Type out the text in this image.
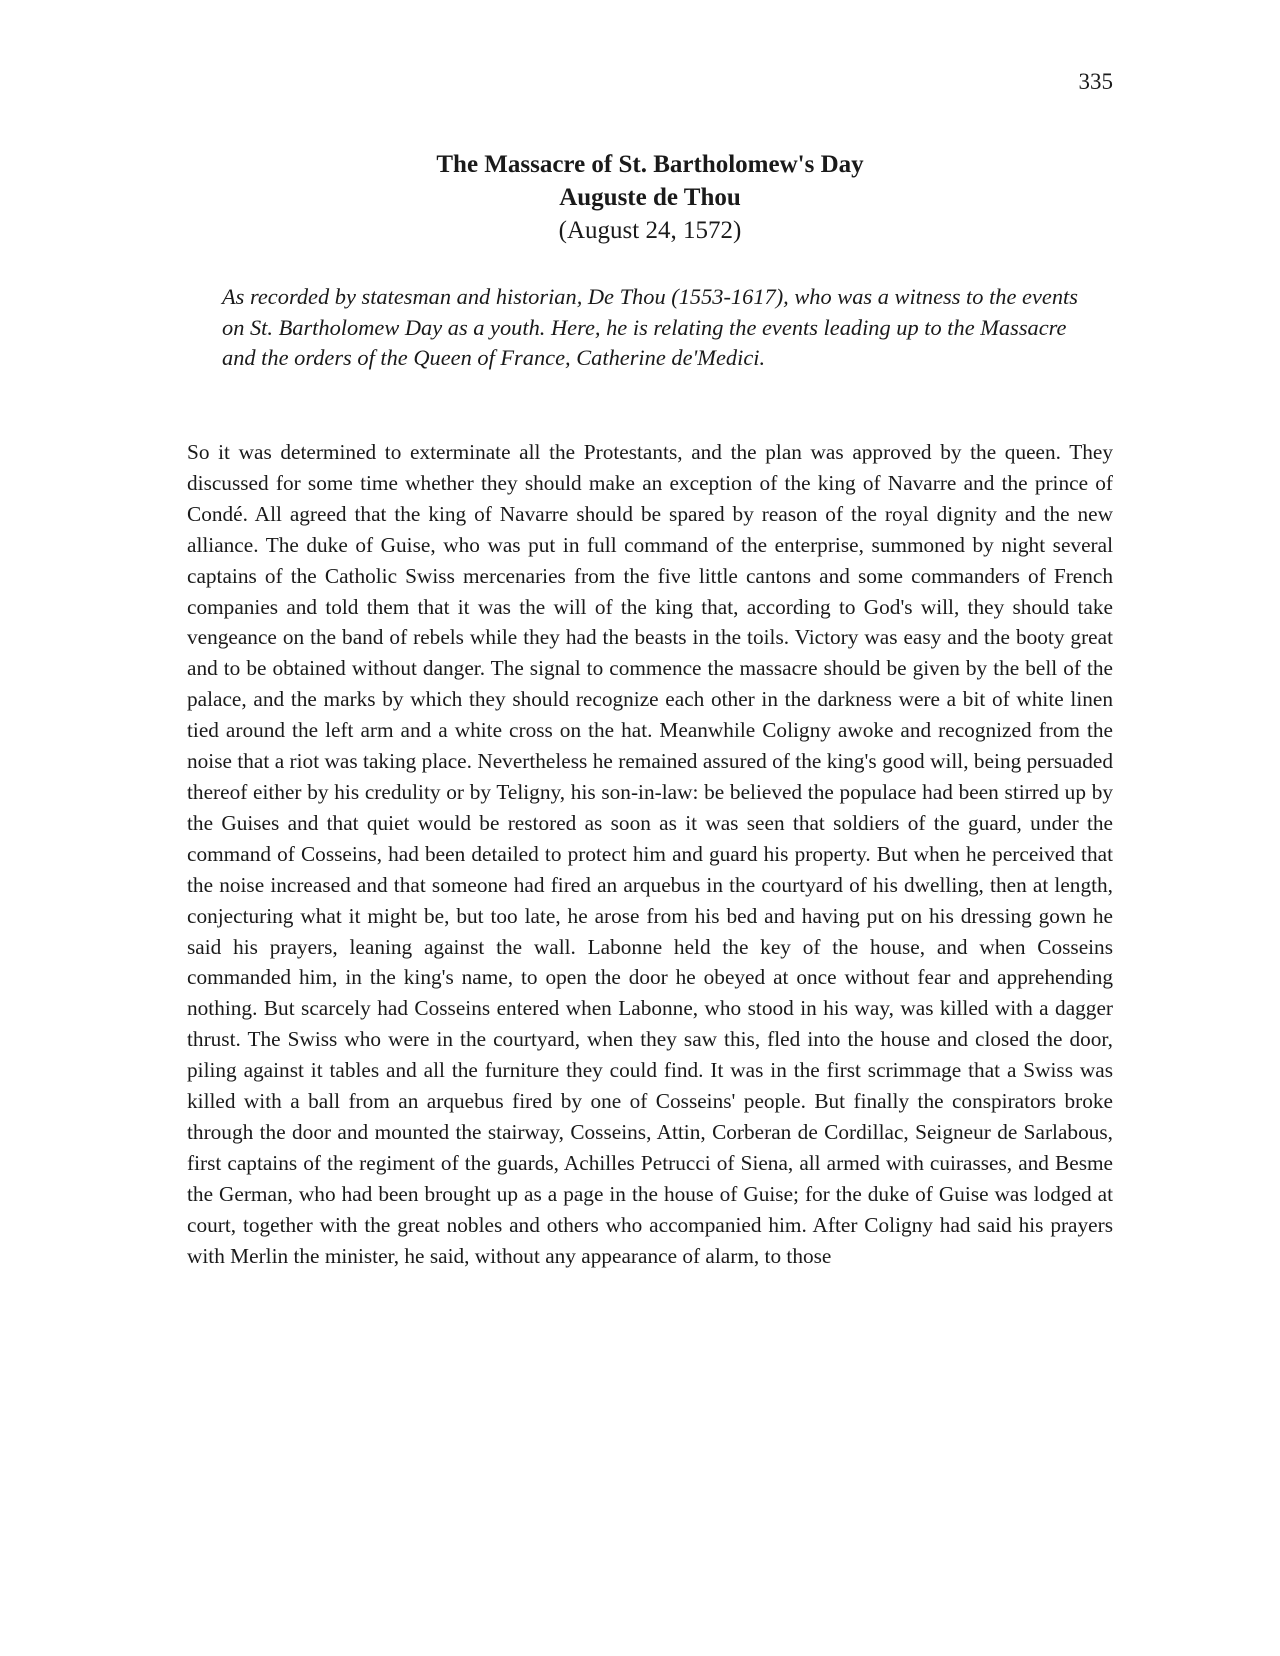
335
The Massacre of St. Bartholomew's Day
Auguste de Thou
(August 24, 1572)

As recorded by statesman and historian, De Thou (1553-1617), who was a witness to the events on St. Bartholomew Day as a youth. Here, he is relating the events leading up to the Massacre and the orders of the Queen of France, Catherine de'Medici.

So it was determined to exterminate all the Protestants, and the plan was approved by the queen. They discussed for some time whether they should make an exception of the king of Navarre and the prince of Condé. All agreed that the king of Navarre should be spared by reason of the royal dignity and the new alliance. The duke of Guise, who was put in full command of the enterprise, summoned by night several captains of the Catholic Swiss mercenaries from the five little cantons and some commanders of French companies and told them that it was the will of the king that, according to God's will, they should take vengeance on the band of rebels while they had the beasts in the toils. Victory was easy and the booty great and to be obtained without danger. The signal to commence the massacre should be given by the bell of the palace, and the marks by which they should recognize each other in the darkness were a bit of white linen tied around the left arm and a white cross on the hat. Meanwhile Coligny awoke and recognized from the noise that a riot was taking place. Nevertheless he remained assured of the king's good will, being persuaded thereof either by his credulity or by Teligny, his son-in-law: be believed the populace had been stirred up by the Guises and that quiet would be restored as soon as it was seen that soldiers of the guard, under the command of Cosseins, had been detailed to protect him and guard his property. But when he perceived that the noise increased and that someone had fired an arquebus in the courtyard of his dwelling, then at length, conjecturing what it might be, but too late, he arose from his bed and having put on his dressing gown he said his prayers, leaning against the wall. Labonne held the key of the house, and when Cosseins commanded him, in the king's name, to open the door he obeyed at once without fear and apprehending nothing. But scarcely had Cosseins entered when Labonne, who stood in his way, was killed with a dagger thrust. The Swiss who were in the courtyard, when they saw this, fled into the house and closed the door, piling against it tables and all the furniture they could find. It was in the first scrimmage that a Swiss was killed with a ball from an arquebus fired by one of Cosseins' people. But finally the conspirators broke through the door and mounted the stairway, Cosseins, Attin, Corberan de Cordillac, Seigneur de Sarlabous, first captains of the regiment of the guards, Achilles Petrucci of Siena, all armed with cuirasses, and Besme the German, who had been brought up as a page in the house of Guise; for the duke of Guise was lodged at court, together with the great nobles and others who accompanied him. After Coligny had said his prayers with Merlin the minister, he said, without any appearance of alarm, to those
